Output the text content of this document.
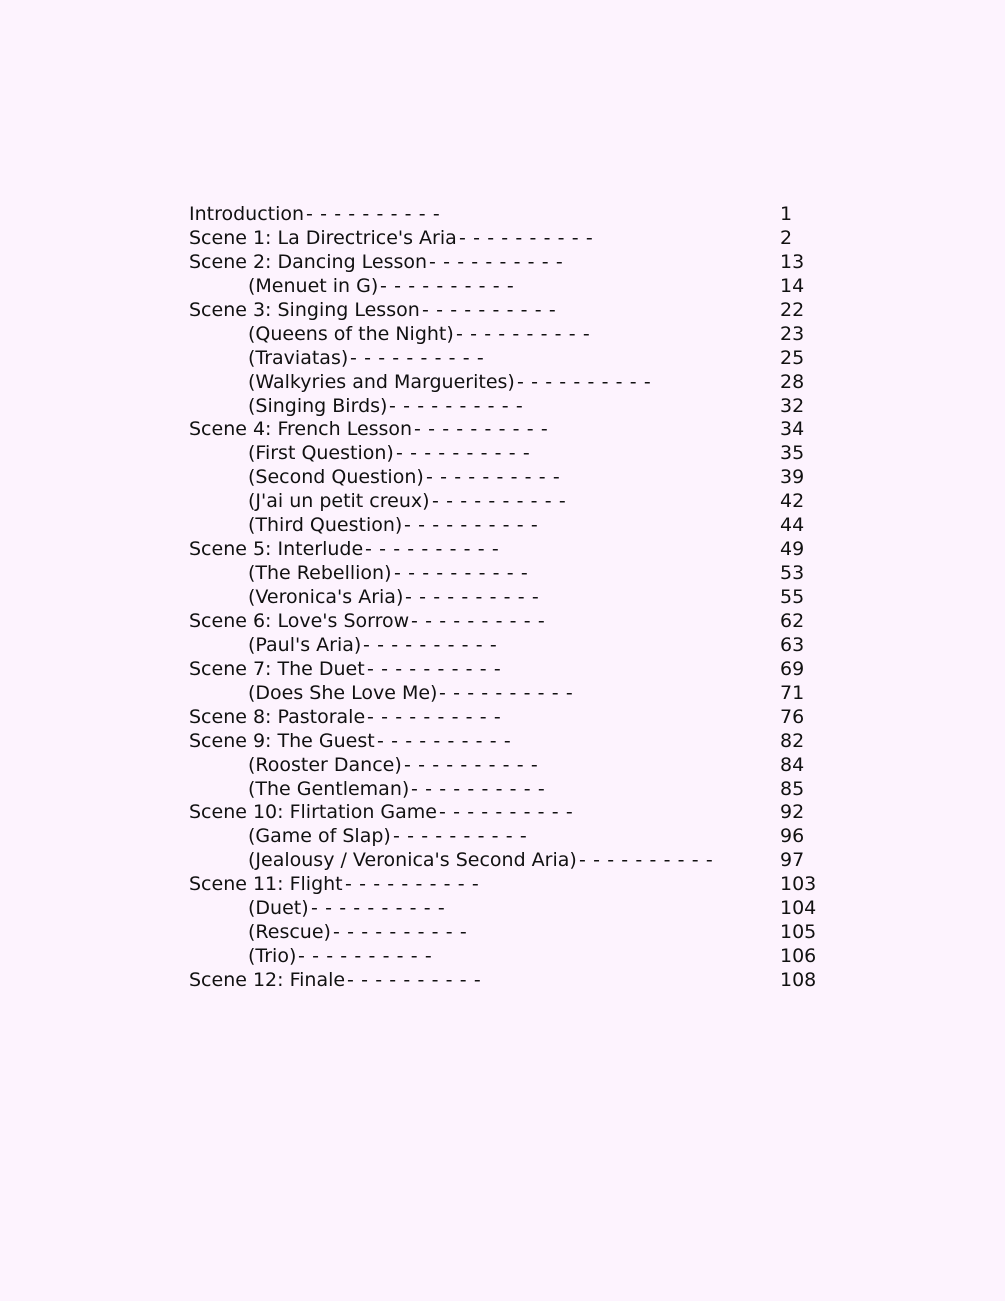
Introduction - - - - - - - - - -	1
Scene 1: La Directrice's Aria - - - - - - - - - -	2
Scene 2: Dancing Lesson - - - - - - - - - -	13
(Menuet in G) - - - - - - - - - -	14
Scene 3: Singing Lesson - - - - - - - - - -	22
(Queens of the Night) - - - - - - - - - -	23
(Traviatas) - - - - - - - - - -	25
(Walkyries and Marguerites) - - - - - - - - - -	28
(Singing Birds) - - - - - - - - - -	32
Scene 4: French Lesson - - - - - - - - - -	34
(First Question) - - - - - - - - - -	35
(Second Question) - - - - - - - - - -	39
(J'ai un petit creux) - - - - - - - - - -	42
(Third Question) - - - - - - - - - -	44
Scene 5: Interlude - - - - - - - - - -	49
(The Rebellion) - - - - - - - - - -	53
(Veronica's Aria) - - - - - - - - - -	55
Scene 6: Love's Sorrow - - - - - - - - - -	62
(Paul's Aria) - - - - - - - - - -	63
Scene 7: The Duet - - - - - - - - - -	69
(Does She Love Me) - - - - - - - - - -	71
Scene 8: Pastorale - - - - - - - - - -	76
Scene 9: The Guest - - - - - - - - - -	82
(Rooster Dance) - - - - - - - - - -	84
(The Gentleman) - - - - - - - - - -	85
Scene 10: Flirtation Game - - - - - - - - - -	92
(Game of Slap) - - - - - - - - - -	96
(Jealousy / Veronica's Second Aria) - - - - - - - - - -	97
Scene 11: Flight - - - - - - - - - -	103
(Duet) - - - - - - - - - -	104
(Rescue) - - - - - - - - - -	105
(Trio) - - - - - - - - - -	106
Scene 12: Finale - - - - - - - - - -	108
